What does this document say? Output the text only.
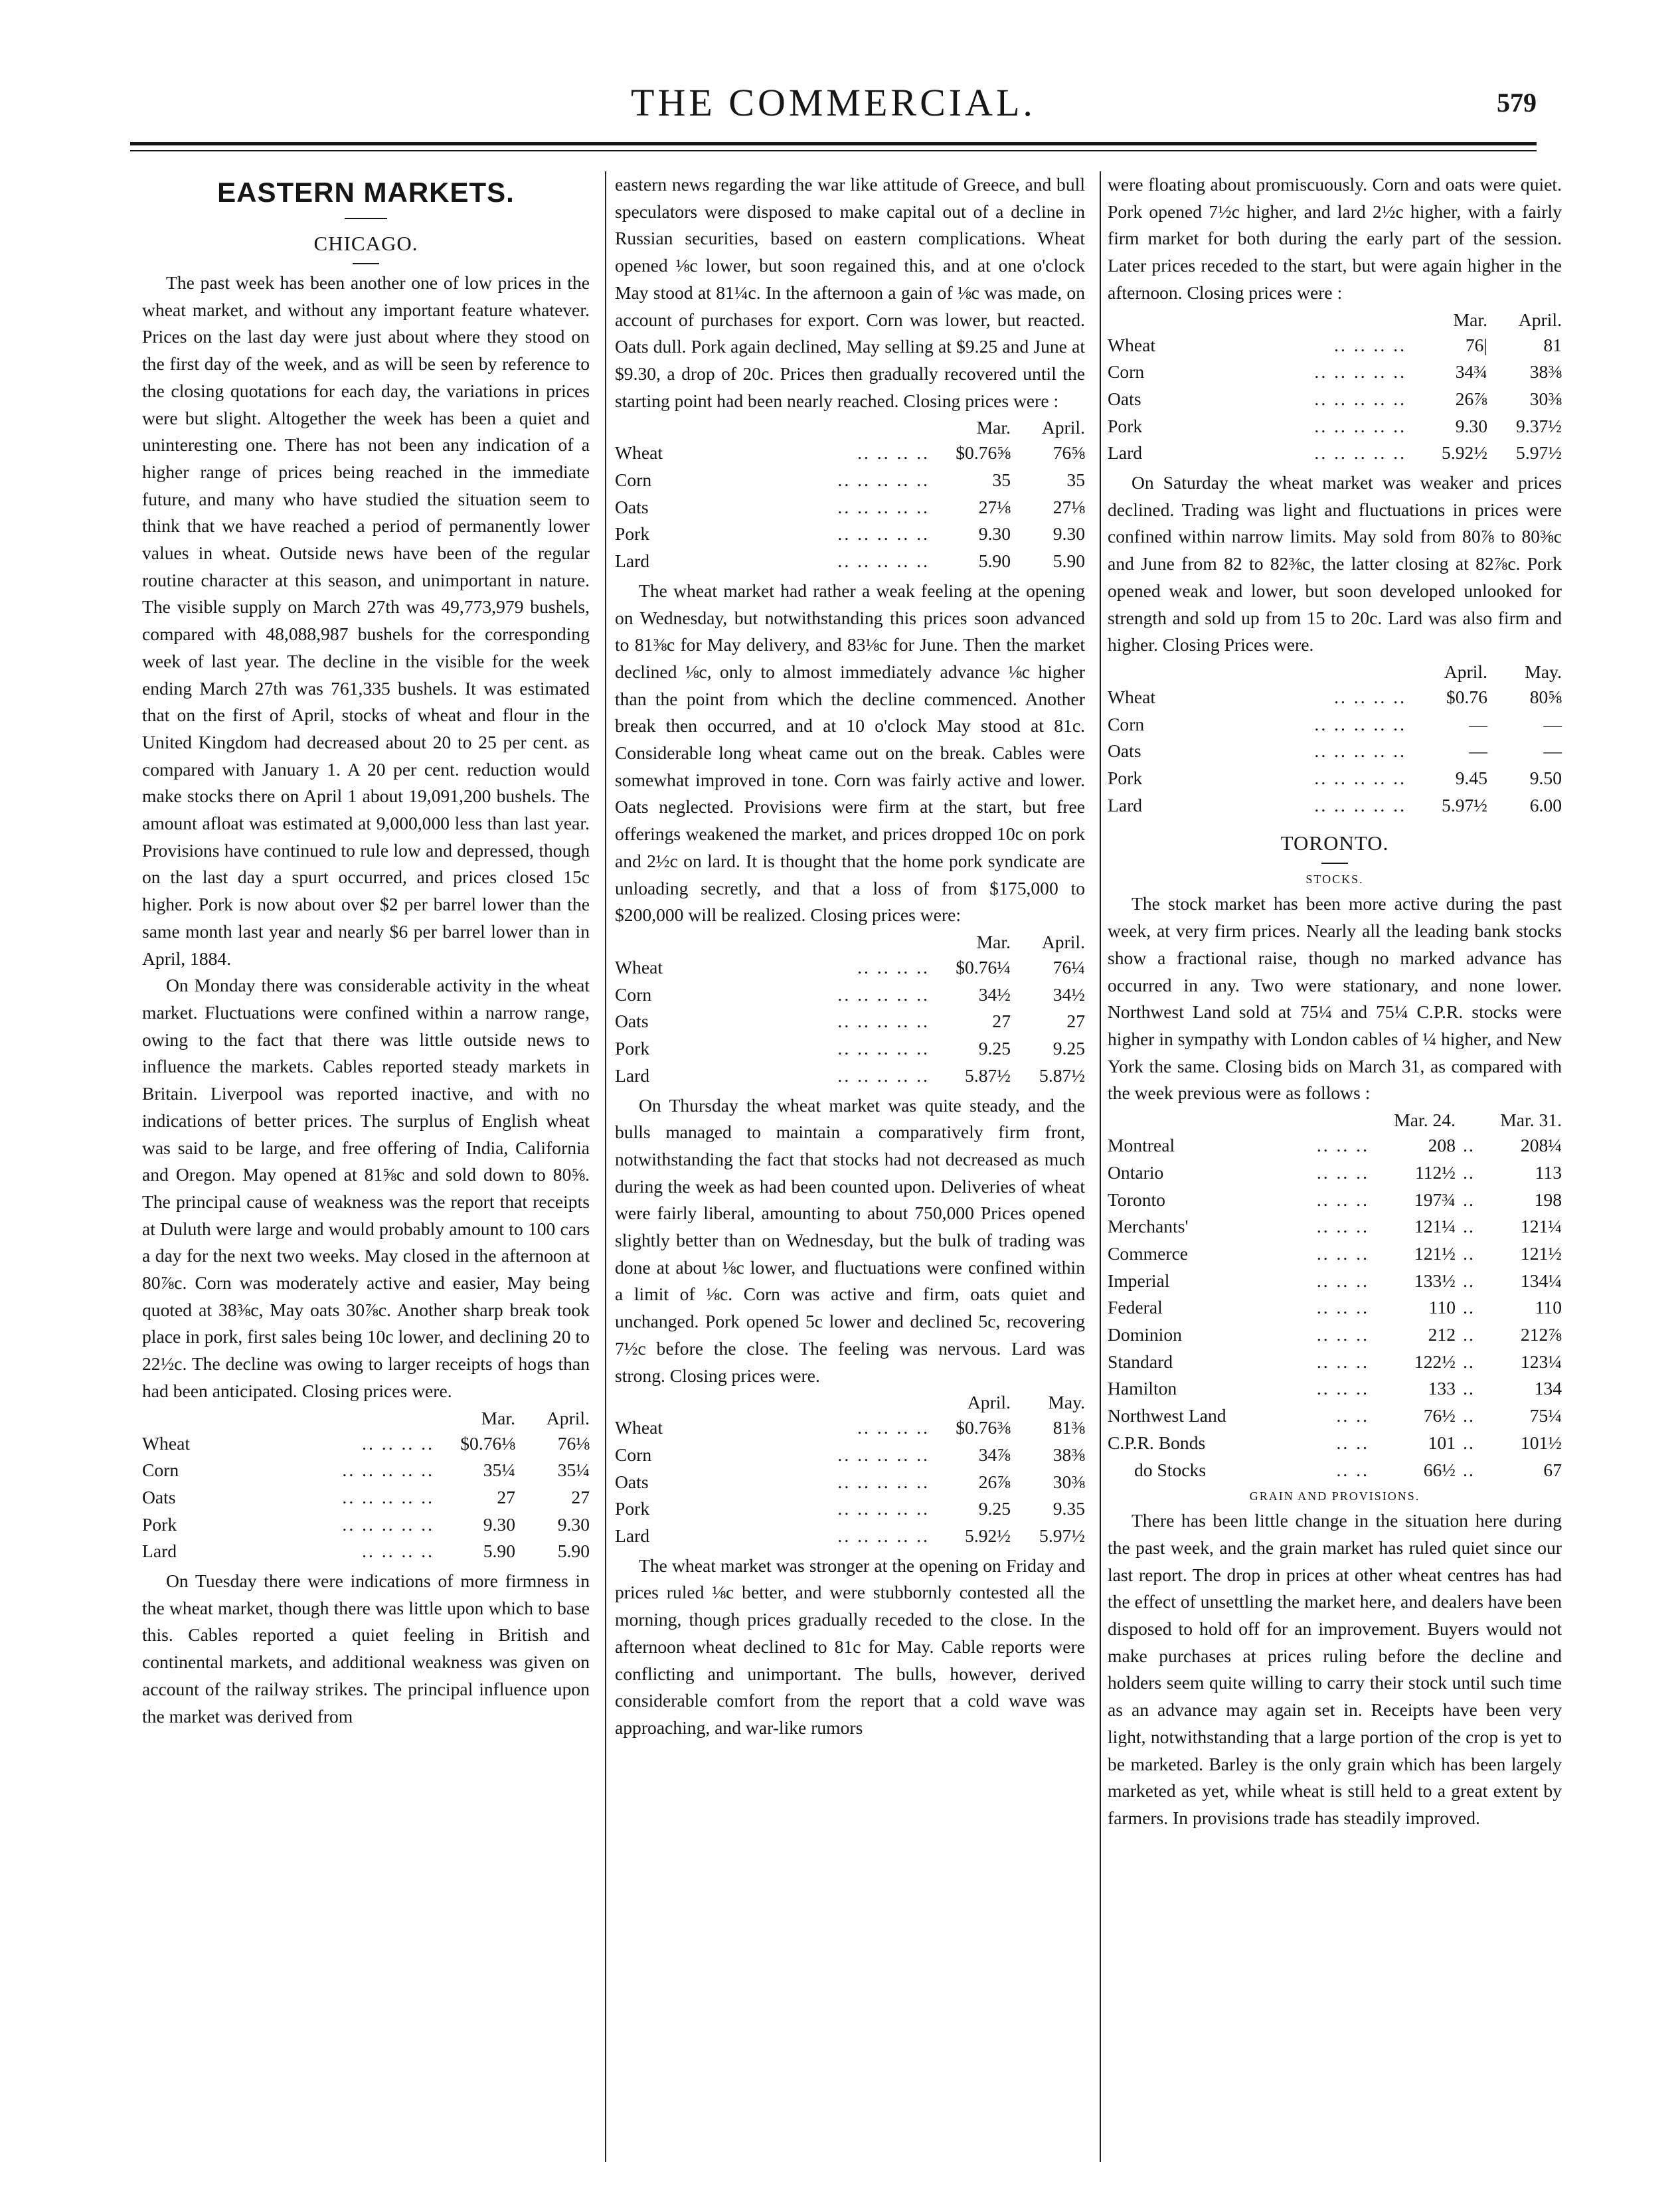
THE COMMERCIAL.	579
EASTERN MARKETS.
CHICAGO.

The past week has been another one of low prices in the wheat market, and without any important feature whatever. Prices on the last day were just about where they stood on the first day of the week, and as will be seen by reference to the closing quotations for each day, the variations in prices were but slight. Altogether the week has been a quiet and uninteresting one. There has not been any indication of a higher range of prices being reached in the immediate future, and many who have studied the situation seem to think that we have reached a period of permanently lower values in wheat. Outside news have been of the regular routine character at this season, and unimportant in nature. The visible supply on March 27th was 49,773,979 bushels, compared with 48,088,987 bushels for the corresponding week of last year. The decline in the visible for the week ending March 27th was 761,335 bushels. It was estimated that on the first of April, stocks of wheat and flour in the United Kingdom had decreased about 20 to 25 per cent. as compared with January 1. A 20 per cent. reduction would make stocks there on April 1 about 19,091,200 bushels. The amount afloat was estimated at 9,000,000 less than last year. Provisions have continued to rule low and depressed, though on the last day a spurt occurred, and prices closed 15c higher. Pork is now about over $2 per barrel lower than the same month last year and nearly $6 per barrel lower than in April, 1884.

On Monday there was considerable activity in the wheat market. Fluctuations were confined within a narrow range, owing to the fact that there was little outside news to influence the markets. Cables reported steady markets in Britain. Liverpool was reported inactive, and with no indications of better prices. The surplus of English wheat was said to be large, and free offering of India, California and Oregon. May opened at 81⅝c and sold down to 80⅝. The principal cause of weakness was the report that receipts at Duluth were large and would probably amount to 100 cars a day for the next two weeks. May closed in the afternoon at 80⅞c. Corn was moderately active and easier, May being quoted at 38⅜c, May oats 30⅞c. Another sharp break took place in pork, first sales being 10c lower, and declining 20 to 22½c. The decline was owing to larger receipts of hogs than had been anticipated. Closing prices were.

		Mar.	April.
Wheat	.. .. .. ..	$0.76⅛	76⅛
Corn	.. .. .. .. ..	35¼	35¼
Oats	.. .. .. .. ..	27	27
Pork	.. .. .. .. ..	9.30	9.30
Lard	.. .. .. ..	5.90	5.90

On Tuesday there were indications of more firmness in the wheat market, though there was little upon which to base this. Cables reported a quiet feeling in British and continental markets, and additional weakness was given on account of the railway strikes. The principal influence upon the market was derived from

eastern news regarding the war like attitude of Greece, and bull speculators were disposed to make capital out of a decline in Russian securities, based on eastern complications. Wheat opened ⅛c lower, but soon regained this, and at one o'clock May stood at 81¼c. In the afternoon a gain of ⅛c was made, on account of purchases for export. Corn was lower, but reacted. Oats dull. Pork again declined, May selling at $9.25 and June at $9.30, a drop of 20c. Prices then gradually recovered until the starting point had been nearly reached. Closing prices were :

		Mar.	April.
Wheat	.. .. .. ..	$0.76⅝	76⅝
Corn	.. .. .. .. ..	35	35
Oats	.. .. .. .. ..	27⅛	27⅛
Pork	.. .. .. .. ..	9.30	9.30
Lard	.. .. .. .. ..	5.90	5.90

The wheat market had rather a weak feeling at the opening on Wednesday, but notwithstanding this prices soon advanced to 81⅜c for May delivery, and 83⅛c for June. Then the market declined ⅛c, only to almost immediately advance ⅛c higher than the point from which the decline commenced. Another break then occurred, and at 10 o'clock May stood at 81c. Considerable long wheat came out on the break. Cables were somewhat improved in tone. Corn was fairly active and lower. Oats neglected. Provisions were firm at the start, but free offerings weakened the market, and prices dropped 10c on pork and 2½c on lard. It is thought that the home pork syndicate are unloading secretly, and that a loss of from $175,000 to $200,000 will be realized. Closing prices were:

		Mar.	April.
Wheat	.. .. .. ..	$0.76¼	76¼
Corn	.. .. .. .. ..	34½	34½
Oats	.. .. .. .. ..	27	27
Pork	.. .. .. .. ..	9.25	9.25
Lard	.. .. .. .. ..	5.87½	5.87½

On Thursday the wheat market was quite steady, and the bulls managed to maintain a comparatively firm front, notwithstanding the fact that stocks had not decreased as much during the week as had been counted upon. Deliveries of wheat were fairly liberal, amounting to about 750,000 Prices opened slightly better than on Wednesday, but the bulk of trading was done at about ⅛c lower, and fluctuations were confined within a limit of ⅛c. Corn was active and firm, oats quiet and unchanged. Pork opened 5c lower and declined 5c, recovering 7½c before the close. The feeling was nervous. Lard was strong. Closing prices were.

		April.	May.
Wheat	.. .. .. ..	$0.76⅜	81⅜
Corn	.. .. .. .. ..	34⅞	38⅜
Oats	.. .. .. .. ..	26⅞	30⅜
Pork	.. .. .. .. ..	9.25	9.35
Lard	.. .. .. .. ..	5.92½	5.97½

The wheat market was stronger at the opening on Friday and prices ruled ⅛c better, and were stubbornly contested all the morning, though prices gradually receded to the close. In the afternoon wheat declined to 81c for May. Cable reports were conflicting and unimportant. The bulls, however, derived considerable comfort from the report that a cold wave was approaching, and war-like rumors

were floating about promiscuously. Corn and oats were quiet. Pork opened 7½c higher, and lard 2½c higher, with a fairly firm market for both during the early part of the session. Later prices receded to the start, but were again higher in the afternoon. Closing prices were :

		Mar.	April.
Wheat	.. .. .. ..	76|	81
Corn	.. .. .. .. ..	34¾	38⅜
Oats	.. .. .. .. ..	26⅞	30⅜
Pork	.. .. .. .. ..	9.30	9.37½
Lard	.. .. .. .. ..	5.92½	5.97½

On Saturday the wheat market was weaker and prices declined. Trading was light and fluctuations in prices were confined within narrow limits. May sold from 80⅞ to 80⅜c and June from 82 to 82⅜c, the latter closing at 82⅞c. Pork opened weak and lower, but soon developed unlooked for strength and sold up from 15 to 20c. Lard was also firm and higher. Closing Prices were.

		April.	May.
Wheat	.. .. .. ..	$0.76	80⅝
Corn	.. .. .. .. ..	—	—
Oats	.. .. .. .. ..	—	—
Pork	.. .. .. .. ..	9.45	9.50
Lard	.. .. .. .. ..	5.97½	6.00
TORONTO.
STOCKS.

The stock market has been more active during the past week, at very firm prices. Nearly all the leading bank stocks show a fractional raise, though no marked advance has occurred in any. Two were stationary, and none lower. Northwest Land sold at 75¼ and 75¼ C.P.R. stocks were higher in sympathy with London cables of ¼ higher, and New York the same. Closing bids on March 31, as compared with the week previous were as follows :

		Mar. 24.		Mar. 31.
Montreal	.. .. ..	208	..	208¼
Ontario	.. .. ..	112½	..	113
Toronto	.. .. ..	197¾	..	198
Merchants'	.. .. ..	121¼	..	121¼
Commerce	.. .. ..	121½	..	121½
Imperial	.. .. ..	133½	..	134¼
Federal	.. .. ..	110	..	110
Dominion	.. .. ..	212	..	212⅞
Standard	.. .. ..	122½	..	123¼
Hamilton	.. .. ..	133	..	134
Northwest Land	.. ..	76½	..	75¼
C.P.R. Bonds	.. ..	101	..	101½
do Stocks	.. ..	66½	..	67
GRAIN AND PROVISIONS.

There has been little change in the situation here during the past week, and the grain market has ruled quiet since our last report. The drop in prices at other wheat centres has had the effect of unsettling the market here, and dealers have been disposed to hold off for an improvement. Buyers would not make purchases at prices ruling before the decline and holders seem quite willing to carry their stock until such time as an advance may again set in. Receipts have been very light, notwithstanding that a large portion of the crop is yet to be marketed. Barley is the only grain which has been largely marketed as yet, while wheat is still held to a great extent by farmers. In provisions trade has steadily improved.
